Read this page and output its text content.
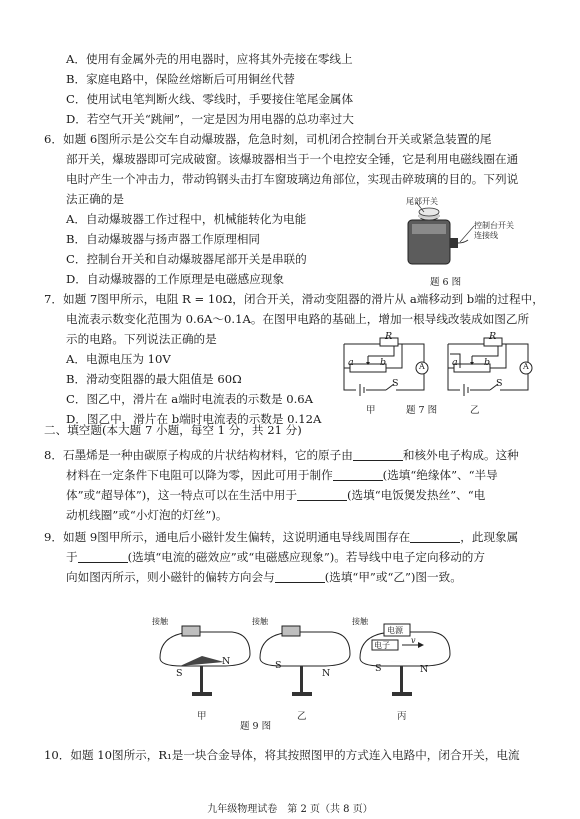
A．使用有金属外壳的用电器时，应将其外壳接在零线上
B．家庭电路中，保险丝熔断后可用铜丝代替
C．使用试电笔判断火线、零线时，手要接住笔尾金属体
D．若空气开关“跳闸”，一定是因为用电器的总功率过大
6．如题 6图所示是公交车自动爆玻器，危急时刻，司机闭合控制台开关或紧急装置的尾
部开关，爆玻器即可完成破窗。该爆玻器相当于一个电控安全锤，它是利用电磁线圈在通
电时产生一个冲击力，带动钨钢头击打车窗玻璃边角部位，实现击碎玻璃的目的。下列说
法正确的是
A．自动爆玻器工作过程中，机械能转化为电能
B．自动爆玻器与扬声器工作原理相同
C．控制台开关和自动爆玻器尾部开关是串联的
D．自动爆玻器的工作原理是电磁感应现象
尾部开关
控制台开关
连接线
题 6 图
7．如题 7图甲所示，电阻 R = 10Ω，闭合开关，滑动变阻器的滑片从 a端移动到 b端的过程中，
电流表示数变化范围为 0.6A～0.1A。在图甲电路的基础上，增加一根导线改装成如图乙所
示的电路。下列说法正确的是
A．电源电压为 10V
B．滑动变阻器的最大阻值是 60Ω
C．图乙中，滑片在 a端时电流表的示数是 0.6A
D．图乙中，滑片在 b端时电流表的示数是 0.12A
R
a	b
S
A
甲
R
a	b
S
A
乙
题 7 图
二、填空题(本大题 7 小题，每空 1 分，共 21 分)
8．石墨烯是一种由碳原子构成的片状结构材料，它的原子由	和核外电子构成。这种
材料在一定条件下电阻可以降为零，因此可用于制作	(选填“绝缘体”、“半导
体”或“超导体”)，这一特点可以在生活中用于	(选填“电饭煲发热丝”、“电
动机线圈”或“小灯泡的灯丝”)。
9．如题 9图甲所示，通电后小磁针发生偏转，这说明通电导线周围存在	，此现象属
于	(选填“电流的磁效应”或“电磁感应现象”)。若导线中电子定向移动的方
向如图丙所示，则小磁针的偏转方向会与	(选填“甲”或“乙”)图一致。
接触	接触	接触
电源
电子
v
S
N	S
N	S	N
甲	乙	丙
题 9 图
10．如题 10图所示，R₁是一块合金导体，将其按照图甲的方式连入电路中，闭合开关，电流
九年级物理试卷　第 2 页（共 8 页）
